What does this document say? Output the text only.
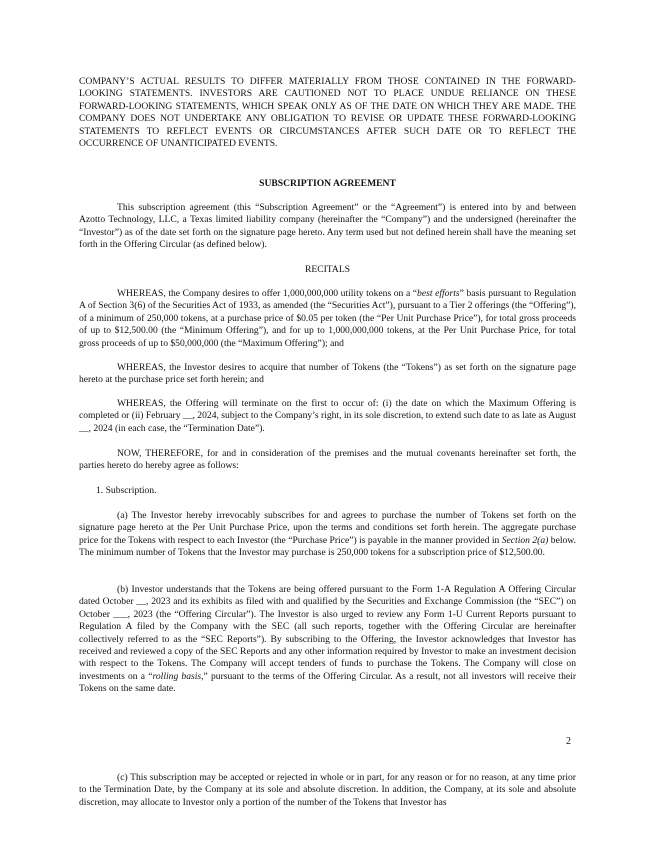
COMPANY’S ACTUAL RESULTS TO DIFFER MATERIALLY FROM THOSE CONTAINED IN THE FORWARD-LOOKING STATEMENTS. INVESTORS ARE CAUTIONED NOT TO PLACE UNDUE RELIANCE ON THESE FORWARD-LOOKING STATEMENTS, WHICH SPEAK ONLY AS OF THE DATE ON WHICH THEY ARE MADE. THE COMPANY DOES NOT UNDERTAKE ANY OBLIGATION TO REVISE OR UPDATE THESE FORWARD-LOOKING STATEMENTS TO REFLECT EVENTS OR CIRCUMSTANCES AFTER SUCH DATE OR TO REFLECT THE OCCURRENCE OF UNANTICIPATED EVENTS.

SUBSCRIPTION AGREEMENT

This subscription agreement (this “Subscription Agreement” or the “Agreement”) is entered into by and between Azotto Technology, LLC, a Texas limited liability company (hereinafter the “Company”) and the undersigned (hereinafter the “Investor”) as of the date set forth on the signature page hereto. Any term used but not defined herein shall have the meaning set forth in the Offering Circular (as defined below).

RECITALS

WHEREAS, the Company desires to offer 1,000,000,000 utility tokens on a “best efforts” basis pursuant to Regulation A of Section 3(6) of the Securities Act of 1933, as amended (the “Securities Act”), pursuant to a Tier 2 offerings (the “Offering”), of a minimum of 250,000 tokens, at a purchase price of $0.05 per token (the “Per Unit Purchase Price”), for total gross proceeds of up to $12,500.00 (the “Minimum Offering”), and for up to 1,000,000,000 tokens, at the Per Unit Purchase Price, for total gross proceeds of up to $50,000,000 (the “Maximum Offering”); and

WHEREAS, the Investor desires to acquire that number of Tokens (the “Tokens”) as set forth on the signature page hereto at the purchase price set forth herein; and

WHEREAS, the Offering will terminate on the first to occur of: (i) the date on which the Maximum Offering is completed or (ii) February __, 2024, subject to the Company’s right, in its sole discretion, to extend such date to as late as August __, 2024 (in each case, the “Termination Date”).

NOW, THEREFORE, for and in consideration of the premises and the mutual covenants hereinafter set forth, the parties hereto do hereby agree as follows:

1. Subscription.

(a) The Investor hereby irrevocably subscribes for and agrees to purchase the number of Tokens set forth on the signature page hereto at the Per Unit Purchase Price, upon the terms and conditions set forth herein. The aggregate purchase price for the Tokens with respect to each Investor (the “Purchase Price”) is payable in the manner provided in Section 2(a) below. The minimum number of Tokens that the Investor may purchase is 250,000 tokens for a subscription price of $12,500.00.

(b) Investor understands that the Tokens are being offered pursuant to the Form 1-A Regulation A Offering Circular dated October __, 2023 and its exhibits as filed with and qualified by the Securities and Exchange Commission (the “SEC”) on October ___, 2023 (the “Offering Circular”). The Investor is also urged to review any Form 1-U Current Reports pursuant to Regulation A filed by the Company with the SEC (all such reports, together with the Offering Circular are hereinafter collectively referred to as the “SEC Reports”). By subscribing to the Offering, the Investor acknowledges that Investor has received and reviewed a copy of the SEC Reports and any other information required by Investor to make an investment decision with respect to the Tokens. The Company will accept tenders of funds to purchase the Tokens. The Company will close on investments on a “rolling basis,” pursuant to the terms of the Offering Circular. As a result, not all investors will receive their Tokens on the same date.

2

(c) This subscription may be accepted or rejected in whole or in part, for any reason or for no reason, at any time prior to the Termination Date, by the Company at its sole and absolute discretion. In addition, the Company, at its sole and absolute discretion, may allocate to Investor only a portion of the number of the Tokens that Investor has
